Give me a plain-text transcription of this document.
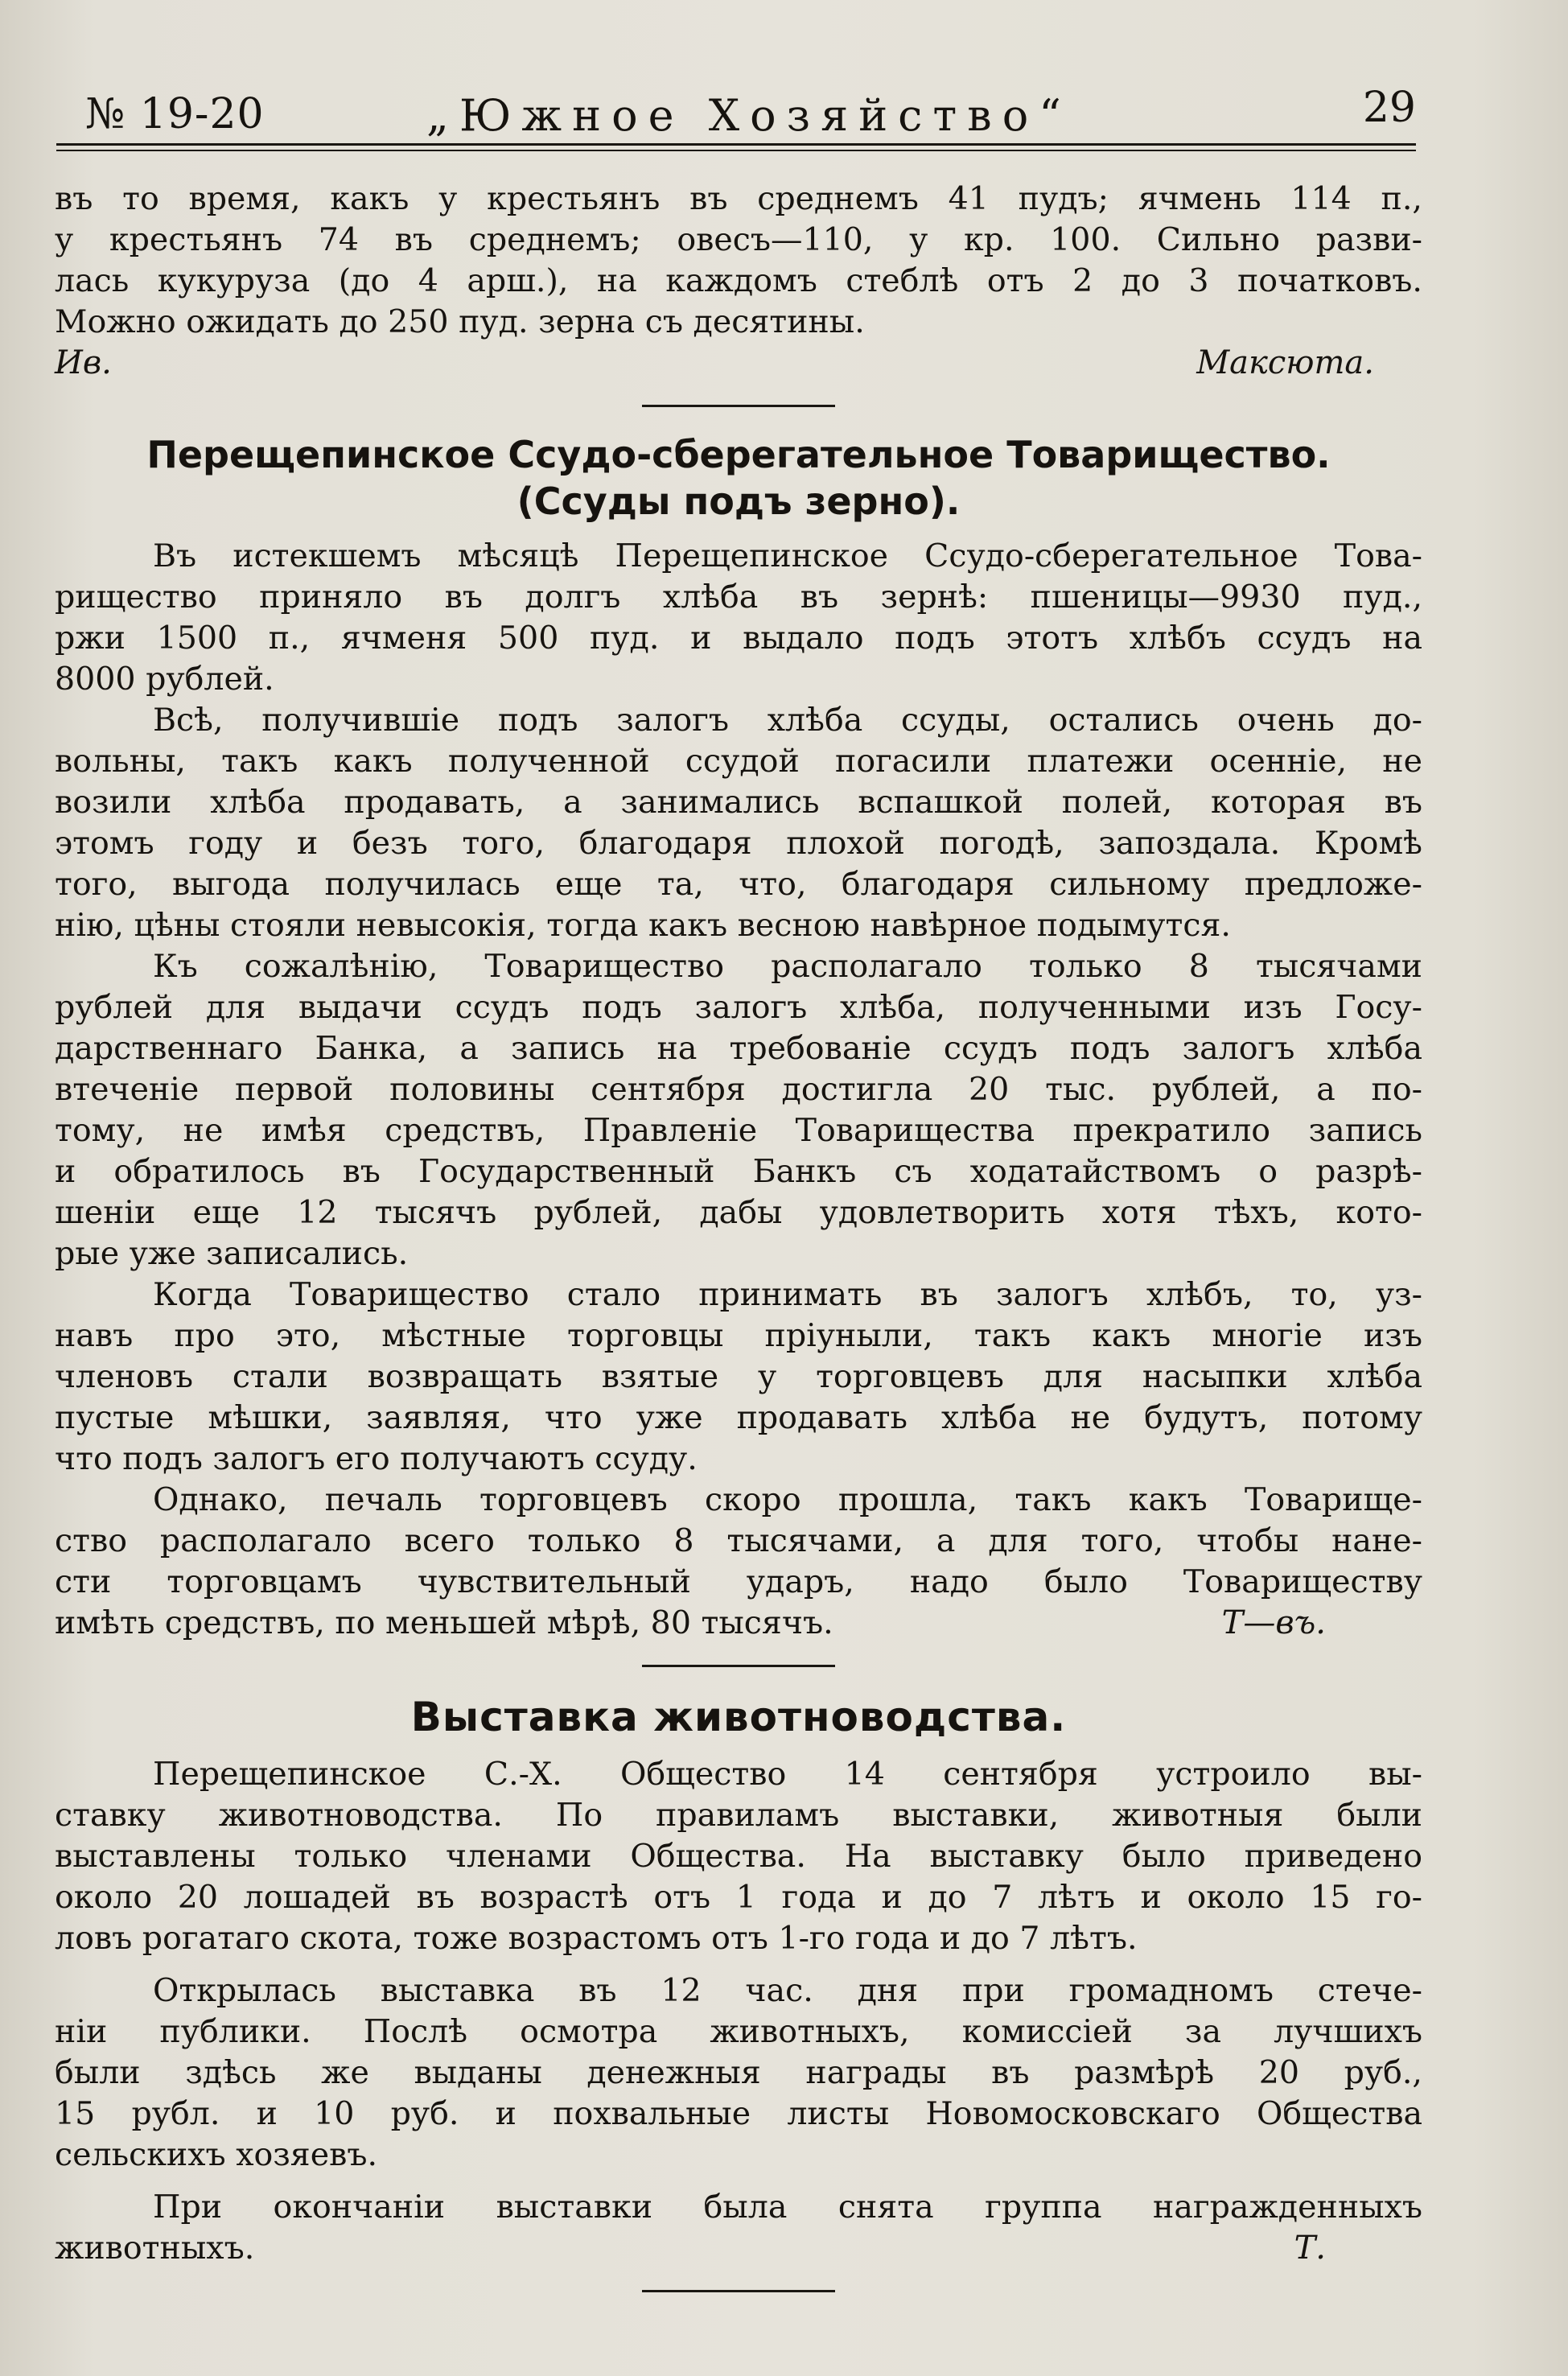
№ 19-20	„Южное Хозяйство“	29
въ то время, какъ у крестьянъ въ среднемъ 41 пудъ; ячмень 114 п.,
у крестьянъ 74 въ среднемъ; овесъ—110, у кр. 100. Сильно разви-
лась кукуруза (до 4 арш.), на каждомъ стеблѣ отъ 2 до 3 початковъ.
Можно ожидать до 250 пуд. зерна съ десятины.
Ив. Максюта.
Перещепинское Ссудо-сберегательное Товарищество.
(Ссуды подъ зерно).
Въ истекшемъ мѣсяцѣ Перещепинское Ссудо-сберегательное Това-
рищество приняло въ долгъ хлѣба въ зернѣ: пшеницы—9930 пуд.,
ржи 1500 п., ячменя 500 пуд. и выдало подъ этотъ хлѣбъ ссудъ на
8000 рублей.
Всѣ, получившіе подъ залогъ хлѣба ссуды, остались очень до-
вольны, такъ какъ полученной ссудой погасили платежи осенніе, не
возили хлѣба продавать, а занимались вспашкой полей, которая въ
этомъ году и безъ того, благодаря плохой погодѣ, запоздала. Кромѣ
того, выгода получилась еще та, что, благодаря сильному предложе-
нію, цѣны стояли невысокія, тогда какъ весною навѣрное подымутся.
Къ сожалѣнію, Товарищество располагало только 8 тысячами
рублей для выдачи ссудъ подъ залогъ хлѣба, полученными изъ Госу-
дарственнаго Банка, а запись на требованіе ссудъ подъ залогъ хлѣба
втеченіе первой половины сентября достигла 20 тыс. рублей, а по-
тому, не имѣя средствъ, Правленіе Товарищества прекратило запись
и обратилось въ Государственный Банкъ съ ходатайствомъ о разрѣ-
шеніи еще 12 тысячъ рублей, дабы удовлетворить хотя тѣхъ, кото-
рые уже записались.
Когда Товарищество стало принимать въ залогъ хлѣбъ, то, уз-
навъ про это, мѣстные торговцы пріуныли, такъ какъ многіе изъ
членовъ стали возвращать взятые у торговцевъ для насыпки хлѣба
пустые мѣшки, заявляя, что уже продавать хлѣба не будутъ, потому
что подъ залогъ его получаютъ ссуду.
Однако, печаль торговцевъ скоро прошла, такъ какъ Товарище-
ство располагало всего только 8 тысячами, а для того, чтобы нане-
сти торговцамъ чувствительный ударъ, надо было Товариществу
имѣть средствъ, по меньшей мѣрѣ, 80 тысячъ.	Т—въ.
Выставка животноводства.
Перещепинское С.-Х. Общество 14 сентября устроило вы-
ставку животноводства. По правиламъ выставки, животныя были
выставлены только членами Общества. На выставку было приведено
около 20 лошадей въ возрастѣ отъ 1 года и до 7 лѣтъ и около 15 го-
ловъ рогатаго скота, тоже возрастомъ отъ 1-го года и до 7 лѣтъ.
Открылась выставка въ 12 час. дня при громадномъ стече-
ніи публики. Послѣ осмотра животныхъ, комиссіей за лучшихъ
были здѣсь же выданы денежныя награды въ размѣрѣ 20 руб.,
15 рубл. и 10 руб. и похвальные листы Новомосковскаго Общества
сельскихъ хозяевъ.
При окончаніи выставки была снята группа награжденныхъ
животныхъ.	Т.
